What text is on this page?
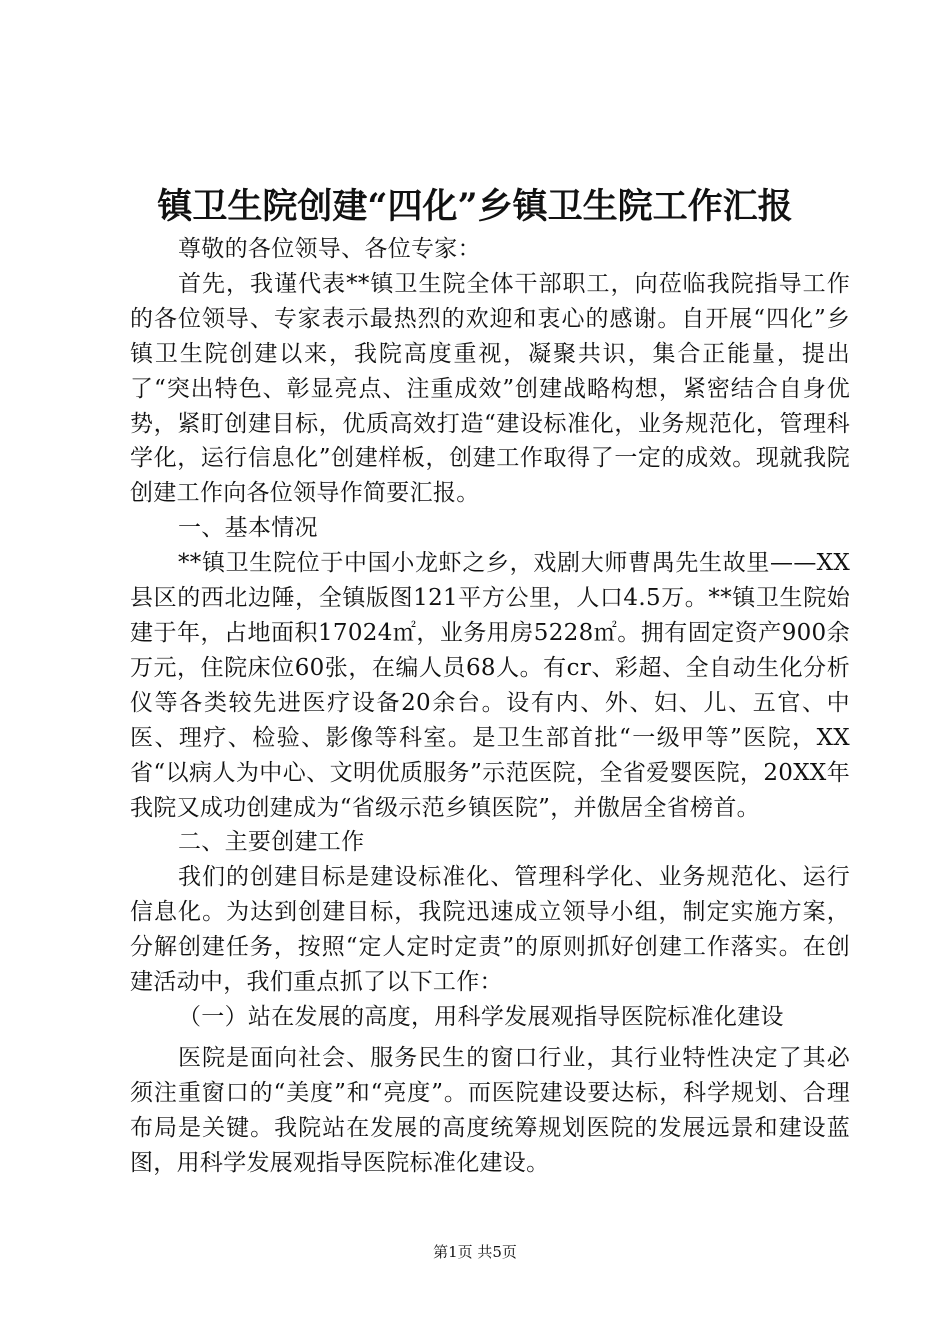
镇卫生院创建“四化”乡镇卫生院工作汇报

尊敬的各位领导、各位专家：

首先，我谨代表**镇卫生院全体干部职工，向莅临我院指导工作的各位领导、专家表示最热烈的欢迎和衷心的感谢。自开展“四化”乡镇卫生院创建以来，我院高度重视，凝聚共识，集合正能量，提出了“突出特色、彰显亮点、注重成效”创建战略构想，紧密结合自身优势，紧盯创建目标，优质高效打造“建设标准化，业务规范化，管理科学化，运行信息化”创建样板，创建工作取得了一定的成效。现就我院创建工作向各位领导作简要汇报。

一、基本情况

**镇卫生院位于中国小龙虾之乡，戏剧大师曹禺先生故里——XX县区的西北边陲，全镇版图121平方公里，人口4.5万。**镇卫生院始建于年，占地面积17024㎡，业务用房5228㎡。拥有固定资产900余万元，住院床位60张，在编人员68人。有cr、彩超、全自动生化分析仪等各类较先进医疗设备20余台。设有内、外、妇、儿、五官、中医、理疗、检验、影像等科室。是卫生部首批“一级甲等”医院，XX省“以病人为中心、文明优质服务”示范医院，全省爱婴医院，20XX年我院又成功创建成为“省级示范乡镇医院”，并傲居全省榜首。

二、主要创建工作

我们的创建目标是建设标准化、管理科学化、业务规范化、运行信息化。为达到创建目标，我院迅速成立领导小组，制定实施方案，分解创建任务，按照“定人定时定责”的原则抓好创建工作落实。在创建活动中，我们重点抓了以下工作：

（一）站在发展的高度，用科学发展观指导医院标准化建设

医院是面向社会、服务民生的窗口行业，其行业特性决定了其必须注重窗口的“美度”和“亮度”。而医院建设要达标，科学规划、合理布局是关键。我院站在发展的高度统筹规划医院的发展远景和建设蓝图，用科学发展观指导医院标准化建设。

第1页 共5页
